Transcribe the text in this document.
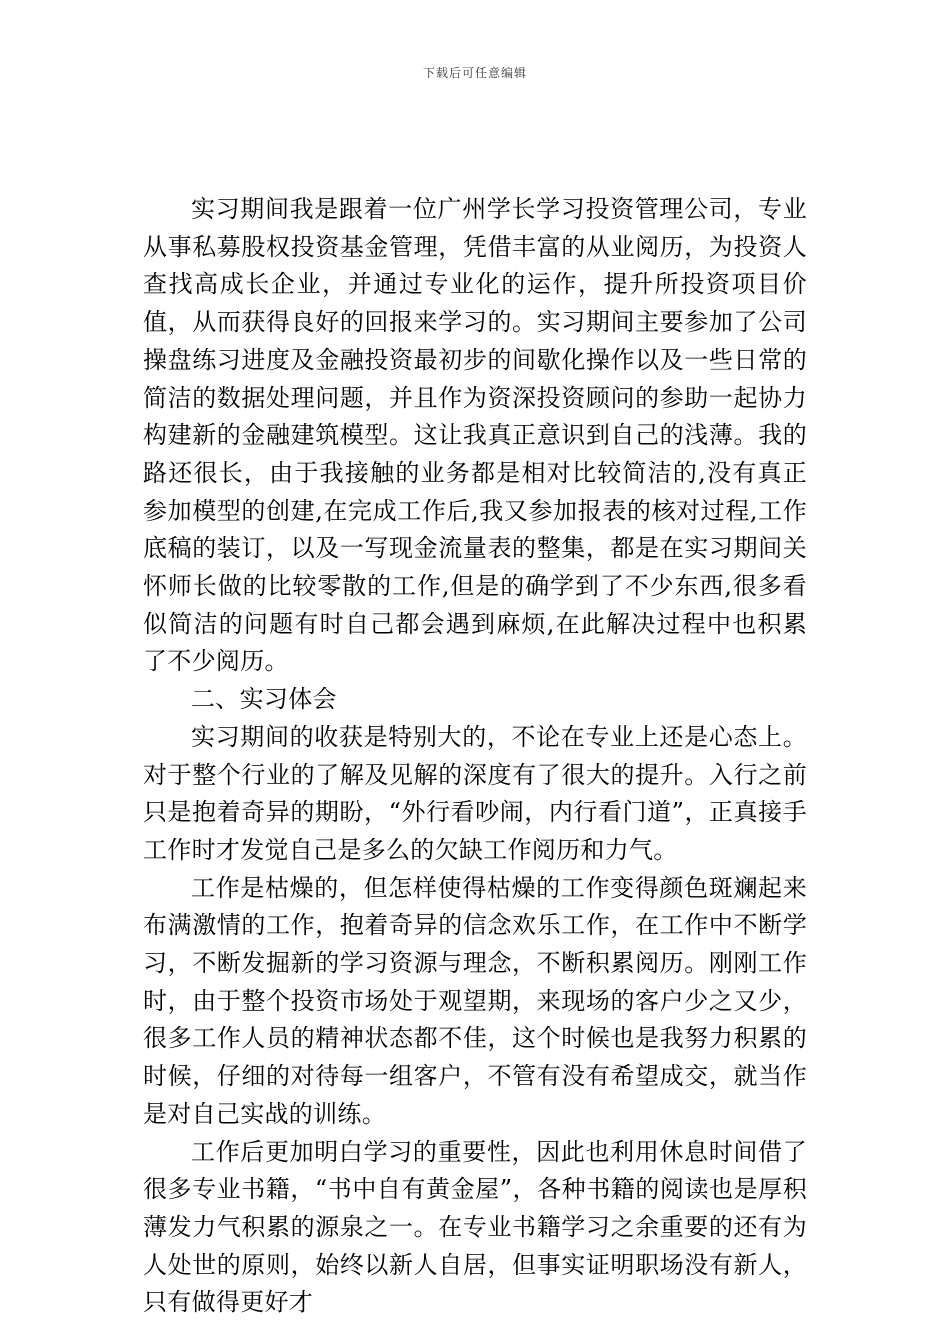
下载后可任意编辑

实习期间我是跟着一位广州学长学习投资管理公司，专业从事私募股权投资基金管理，凭借丰富的从业阅历，为投资人查找高成长企业，并通过专业化的运作，提升所投资项目价值，从而获得良好的回报来学习的。实习期间主要参加了公司操盘练习进度及金融投资最初步的间歇化操作以及一些日常的简洁的数据处理问题，并且作为资深投资顾问的参助一起协力构建新的金融建筑模型。这让我真正意识到自己的浅薄。我的路还很长，由于我接触的业务都是相对比较简洁的,没有真正参加模型的创建,在完成工作后,我又参加报表的核对过程,工作底稿的装订，以及一写现金流量表的整集，都是在实习期间关怀师长做的比较零散的工作,但是的确学到了不少东西,很多看似简洁的问题有时自己都会遇到麻烦,在此解决过程中也积累了不少阅历。

二、实习体会

实习期间的收获是特别大的，不论在专业上还是心态上。对于整个行业的了解及见解的深度有了很大的提升。入行之前只是抱着奇异的期盼，“外行看吵闹，内行看门道”，正真接手工作时才发觉自己是多么的欠缺工作阅历和力气。

工作是枯燥的，但怎样使得枯燥的工作变得颜色斑斓起来布满激情的工作，抱着奇异的信念欢乐工作，在工作中不断学习，不断发掘新的学习资源与理念，不断积累阅历。刚刚工作时，由于整个投资市场处于观望期，来现场的客户少之又少，很多工作人员的精神状态都不佳，这个时候也是我努力积累的时候，仔细的对待每一组客户，不管有没有希望成交，就当作是对自己实战的训练。

工作后更加明白学习的重要性，因此也利用休息时间借了很多专业书籍，“书中自有黄金屋”，各种书籍的阅读也是厚积薄发力气积累的源泉之一。在专业书籍学习之余重要的还有为人处世的原则，始终以新人自居，但事实证明职场没有新人，只有做得更好才
